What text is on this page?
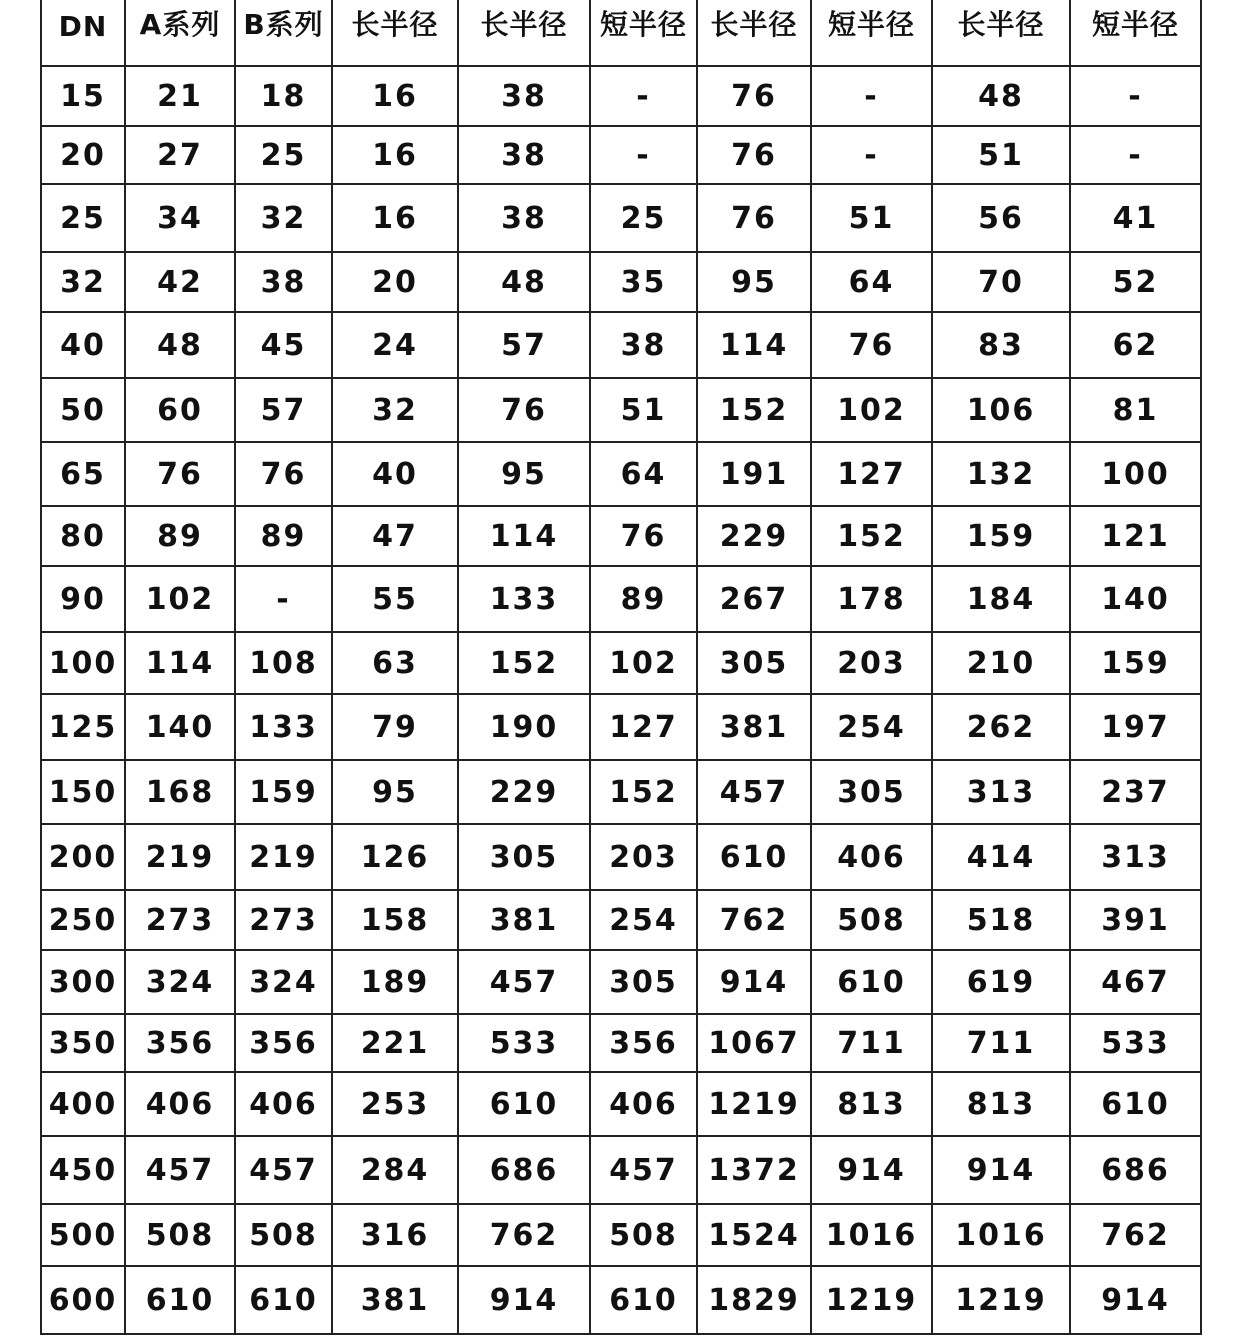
DN	A系列	B系列	长半径	长半径	短半径	长半径	短半径	长半径	短半径
15	21	18	16	38	-	76	-	48	-
20	27	25	16	38	-	76	-	51	-
25	34	32	16	38	25	76	51	56	41
32	42	38	20	48	35	95	64	70	52
40	48	45	24	57	38	114	76	83	62
50	60	57	32	76	51	152	102	106	81
65	76	76	40	95	64	191	127	132	100
80	89	89	47	114	76	229	152	159	121
90	102	-	55	133	89	267	178	184	140
100	114	108	63	152	102	305	203	210	159
125	140	133	79	190	127	381	254	262	197
150	168	159	95	229	152	457	305	313	237
200	219	219	126	305	203	610	406	414	313
250	273	273	158	381	254	762	508	518	391
300	324	324	189	457	305	914	610	619	467
350	356	356	221	533	356	1067	711	711	533
400	406	406	253	610	406	1219	813	813	610
450	457	457	284	686	457	1372	914	914	686
500	508	508	316	762	508	1524	1016	1016	762
600	610	610	381	914	610	1829	1219	1219	914
